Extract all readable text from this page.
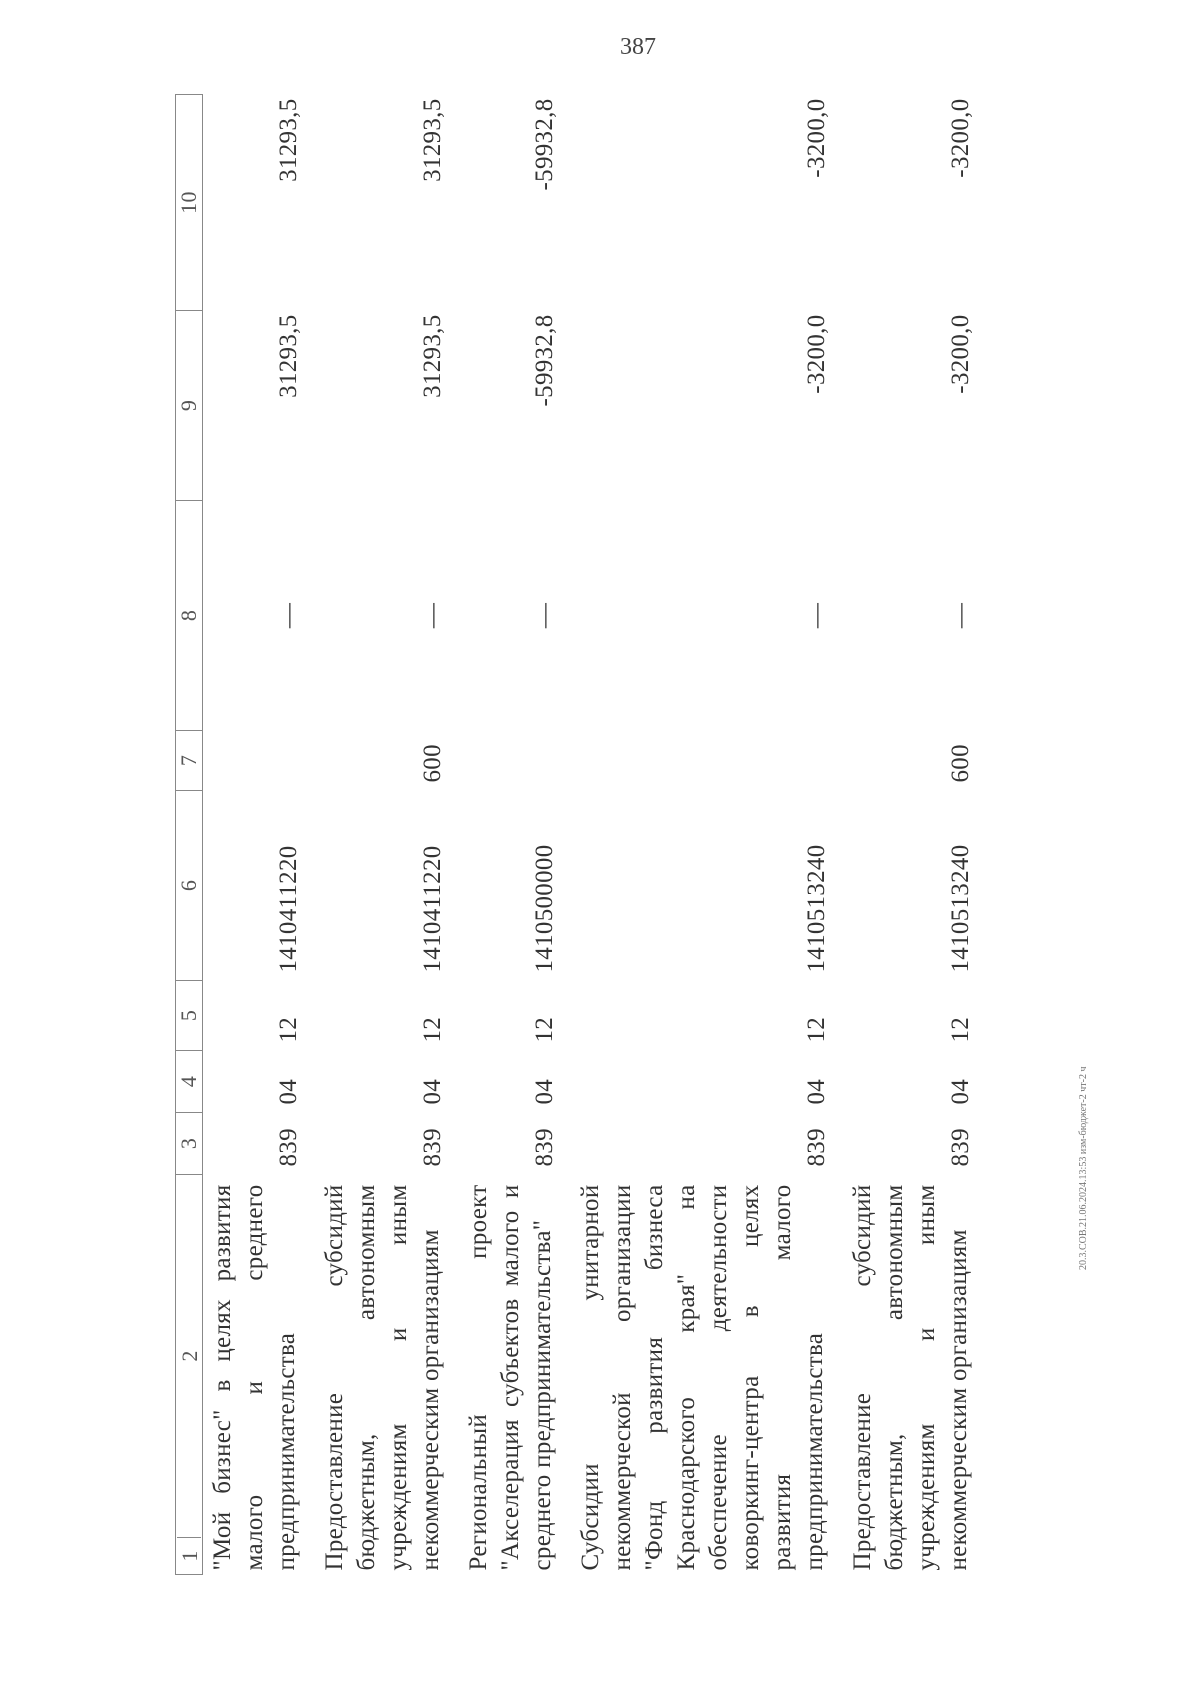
387
20.3.СОВ.21.06.2024.13:53 изм-бюджет-2 чт-2 ч
1
2	3	4	5	6	7	8	9	10
"Мой бизнес" в целях развития малого и среднего предпринимательства	839	04	12	1410411220		—	31293,5	31293,5
Предоставление субсидий бюджетным, автономным учреждениям и иным некоммерческим организациям	839	04	12	1410411220	600	—	31293,5	31293,5
Региональный проект "Акселерация субъектов малого и среднего предпринимательства"	839	04	12	1410500000		—	-59932,8	-59932,8
Субсидии унитарной некоммерческой организации "Фонд развития бизнеса Краснодарского края" на обеспечение деятельности коворкинг-центра в целях развития малого предпринимательства	839	04	12	1410513240		—	-3200,0	-3200,0
Предоставление субсидий бюджетным, автономным учреждениям и иным некоммерческим организациям	839	04	12	1410513240	600	—	-3200,0	-3200,0
